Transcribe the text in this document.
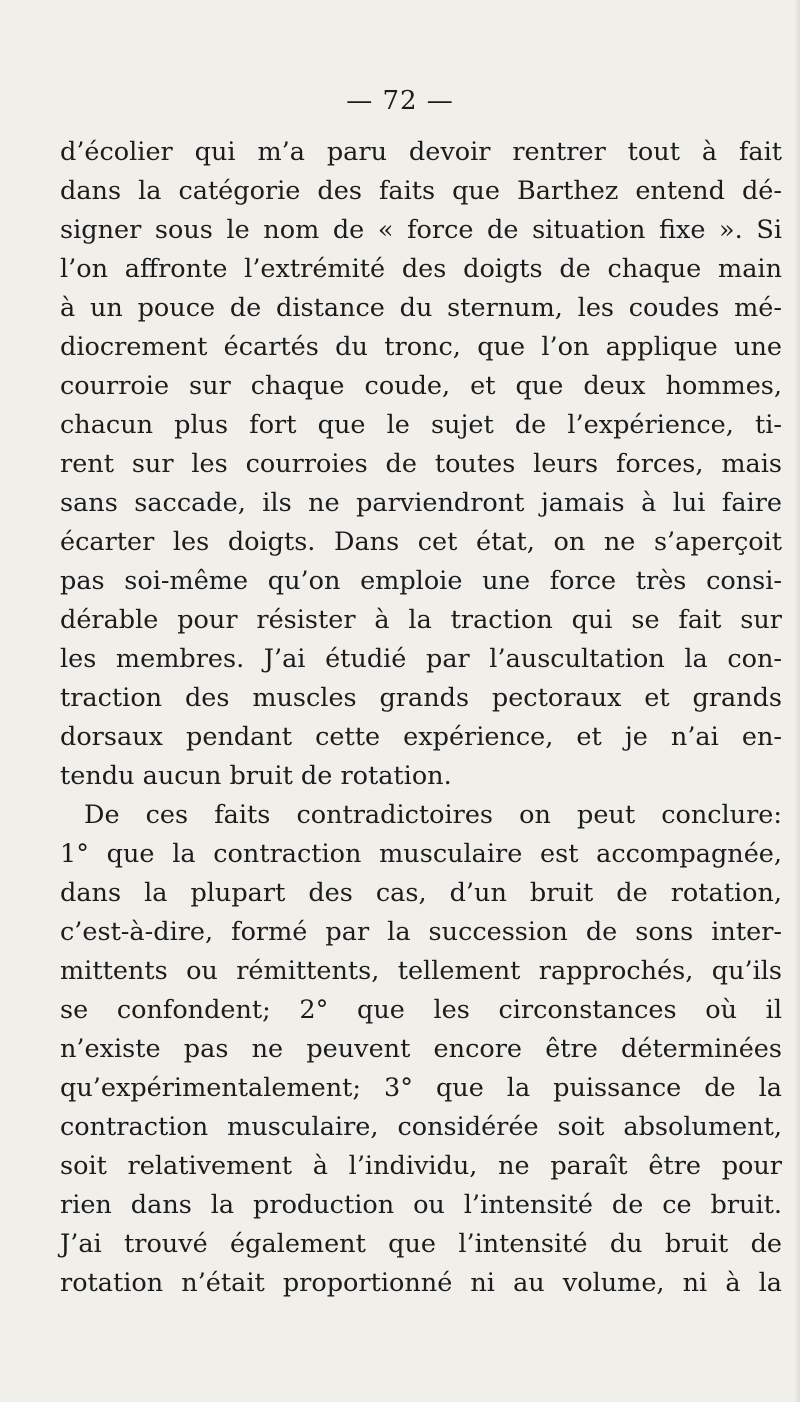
— 72 —
d’écolier qui m’a paru devoir rentrer tout à fait
dans la catégorie des faits que Barthez entend dé-
signer sous le nom de « force de situation fixe ». Si
l’on affronte l’extrémité des doigts de chaque main
à un pouce de distance du sternum, les coudes mé-
diocrement écartés du tronc, que l’on applique une
courroie sur chaque coude, et que deux hommes,
chacun plus fort que le sujet de l’expérience, ti-
rent sur les courroies de toutes leurs forces, mais
sans saccade, ils ne parviendront jamais à lui faire
écarter les doigts. Dans cet état, on ne s’aperçoit
pas soi-même qu’on emploie une force très consi-
dérable pour résister à la traction qui se fait sur
les membres. J’ai étudié par l’auscultation la con-
traction des muscles grands pectoraux et grands
dorsaux pendant cette expérience, et je n’ai en-
tendu aucun bruit de rotation.
De ces faits contradictoires on peut conclure:
1° que la contraction musculaire est accompagnée,
dans la plupart des cas, d’un bruit de rotation,
c’est-à-dire, formé par la succession de sons inter-
mittents ou rémittents, tellement rapprochés, qu’ils
se confondent; 2° que les circonstances où il
n’existe pas ne peuvent encore être déterminées
qu’expérimentalement; 3° que la puissance de la
contraction musculaire, considérée soit absolument,
soit relativement à l’individu, ne paraît être pour
rien dans la production ou l’intensité de ce bruit.
J’ai trouvé également que l’intensité du bruit de
rotation n’était proportionné ni au volume, ni à la
